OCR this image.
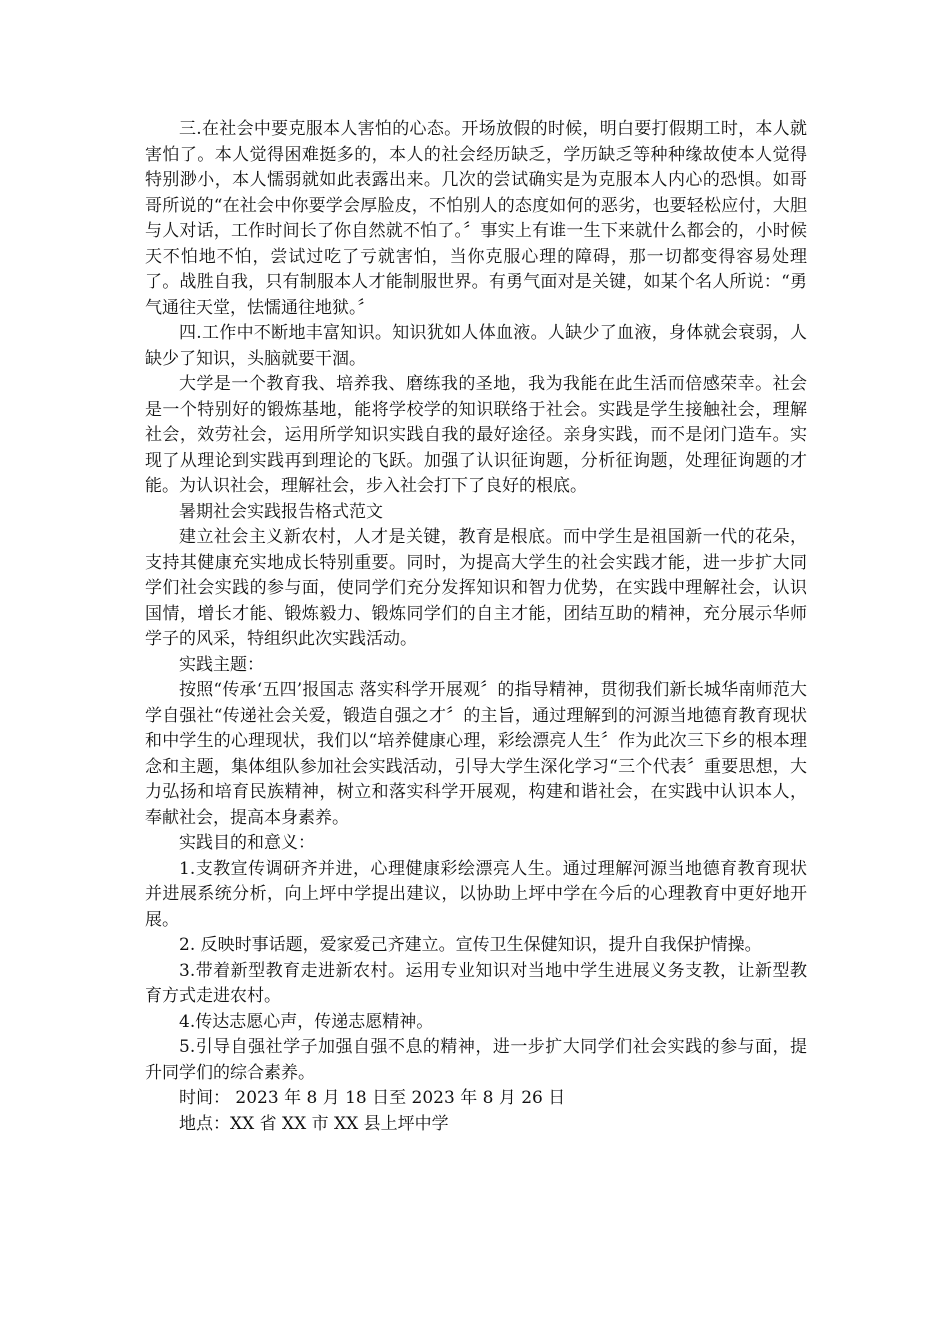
三.在社会中要克服本人害怕的心态。开场放假的时候，明白要打假期工时，本人就害怕了。本人觉得困难挺多的，本人的社会经历缺乏，学历缺乏等种种缘故使本人觉得特别渺小，本人懦弱就如此表露出来。几次的尝试确实是为克服本人内心的恐惧。如哥哥所说的“在社会中你要学会厚脸皮，不怕别人的态度如何的恶劣，也要轻松应付，大胆与人对话，工作时间长了你自然就不怕了。〞事实上有谁一生下来就什么都会的，小时候天不怕地不怕，尝试过吃了亏就害怕，当你克服心理的障碍，那一切都变得容易处理了。战胜自我，只有制服本人才能制服世界。有勇气面对是关键，如某个名人所说：“勇气通往天堂，怯懦通往地狱。〞

四.工作中不断地丰富知识。知识犹如人体血液。人缺少了血液，身体就会衰弱，人缺少了知识，头脑就要干涸。

大学是一个教育我、培养我、磨练我的圣地，我为我能在此生活而倍感荣幸。社会是一个特别好的锻炼基地，能将学校学的知识联络于社会。实践是学生接触社会，理解社会，效劳社会，运用所学知识实践自我的最好途径。亲身实践，而不是闭门造车。实现了从理论到实践再到理论的飞跃。加强了认识征询题，分析征询题，处理征询题的才能。为认识社会，理解社会，步入社会打下了良好的根底。

暑期社会实践报告格式范文

建立社会主义新农村，人才是关键，教育是根底。而中学生是祖国新一代的花朵，支持其健康充实地成长特别重要。同时，为提高大学生的社会实践才能，进一步扩大同学们社会实践的参与面，使同学们充分发挥知识和智力优势，在实践中理解社会，认识国情，增长才能、锻炼毅力、锻炼同学们的自主才能，团结互助的精神，充分展示华师学子的风采，特组织此次实践活动。

实践主题：

按照“传承‘五四’报国志 落实科学开展观〞的指导精神，贯彻我们新长城华南师范大学自强社“传递社会关爱，锻造自强之才〞的主旨，通过理解到的河源当地德育教育现状和中学生的心理现状，我们以“培养健康心理，彩绘漂亮人生〞作为此次三下乡的根本理念和主题，集体组队参加社会实践活动，引导大学生深化学习“三个代表〞重要思想，大力弘扬和培育民族精神，树立和落实科学开展观，构建和谐社会，在实践中认识本人，奉献社会，提高本身素养。

实践目的和意义：

1.支教宣传调研齐并进，心理健康彩绘漂亮人生。通过理解河源当地德育教育现状并进展系统分析，向上坪中学提出建议，以协助上坪中学在今后的心理教育中更好地开展。

2. 反映时事话题，爱家爱己齐建立。宣传卫生保健知识，提升自我保护情操。

3.带着新型教育走进新农村。运用专业知识对当地中学生进展义务支教，让新型教育方式走进农村。

4.传达志愿心声，传递志愿精神。

5.引导自强社学子加强自强不息的精神，进一步扩大同学们社会实践的参与面，提升同学们的综合素养。

时间： 2023 年 8 月 18 日至 2023 年 8 月 26 日

地点：XX 省 XX 市 XX 县上坪中学
